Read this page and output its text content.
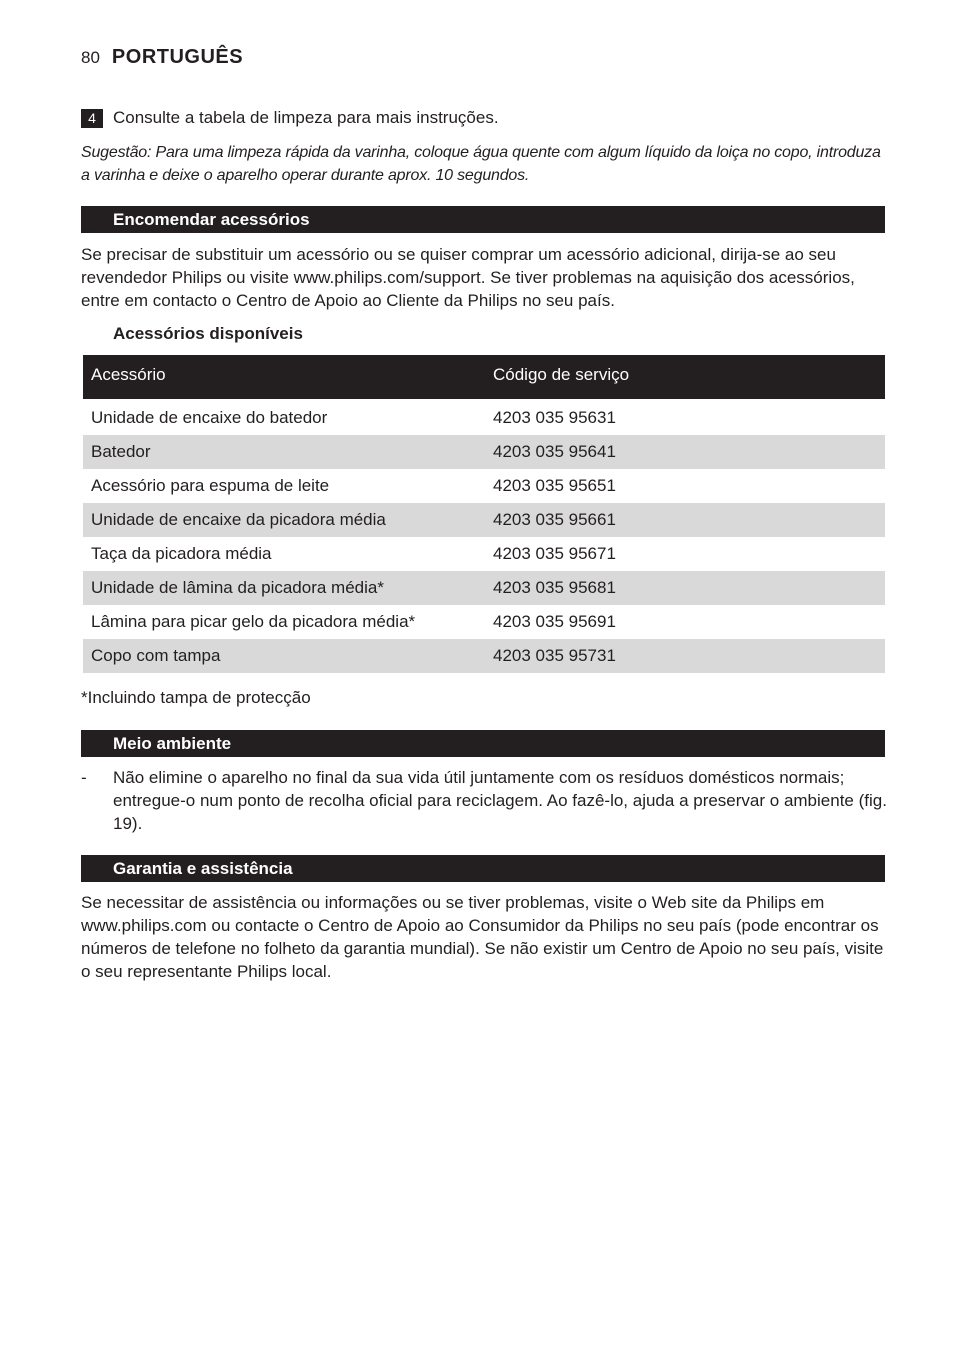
80 PORTUGUÊS
4	Consulte a tabela de limpeza para mais instruções.
Sugestão: Para uma limpeza rápida da varinha, coloque água quente com algum líquido da loiça no copo, introduza a varinha e deixe o aparelho operar durante aprox. 10 segundos.
Encomendar acessórios
Se precisar de substituir um acessório ou se quiser comprar um acessório adicional, dirija-se ao seu revendedor Philips ou visite www.philips.com/support. Se tiver problemas na aquisição dos acessórios, entre em contacto o Centro de Apoio ao Cliente da Philips no seu país.
Acessórios disponíveis
Acessório	Código de serviço

Unidade de encaixe do batedor	4203 035 95631
Batedor	4203 035 95641
Acessório para espuma de leite	4203 035 95651
Unidade de encaixe da picadora média	4203 035 95661
Taça da picadora média	4203 035 95671
Unidade de lâmina da picadora média*	4203 035 95681
Lâmina para picar gelo da picadora média*	4203 035 95691
Copo com tampa	4203 035 95731
*Incluindo tampa de protecção
Meio ambiente
-	Não elimine o aparelho no final da sua vida útil juntamente com os resíduos domésticos normais; entregue-o num ponto de recolha oficial para reciclagem. Ao fazê-lo, ajuda a preservar o ambiente (fig. 19).
Garantia e assistência
Se necessitar de assistência ou informações ou se tiver problemas, visite o Web site da Philips em www.philips.com ou contacte o Centro de Apoio ao Consumidor da Philips no seu país (pode encontrar os números de telefone no folheto da garantia mundial). Se não existir um Centro de Apoio no seu país, visite o seu representante Philips local.
